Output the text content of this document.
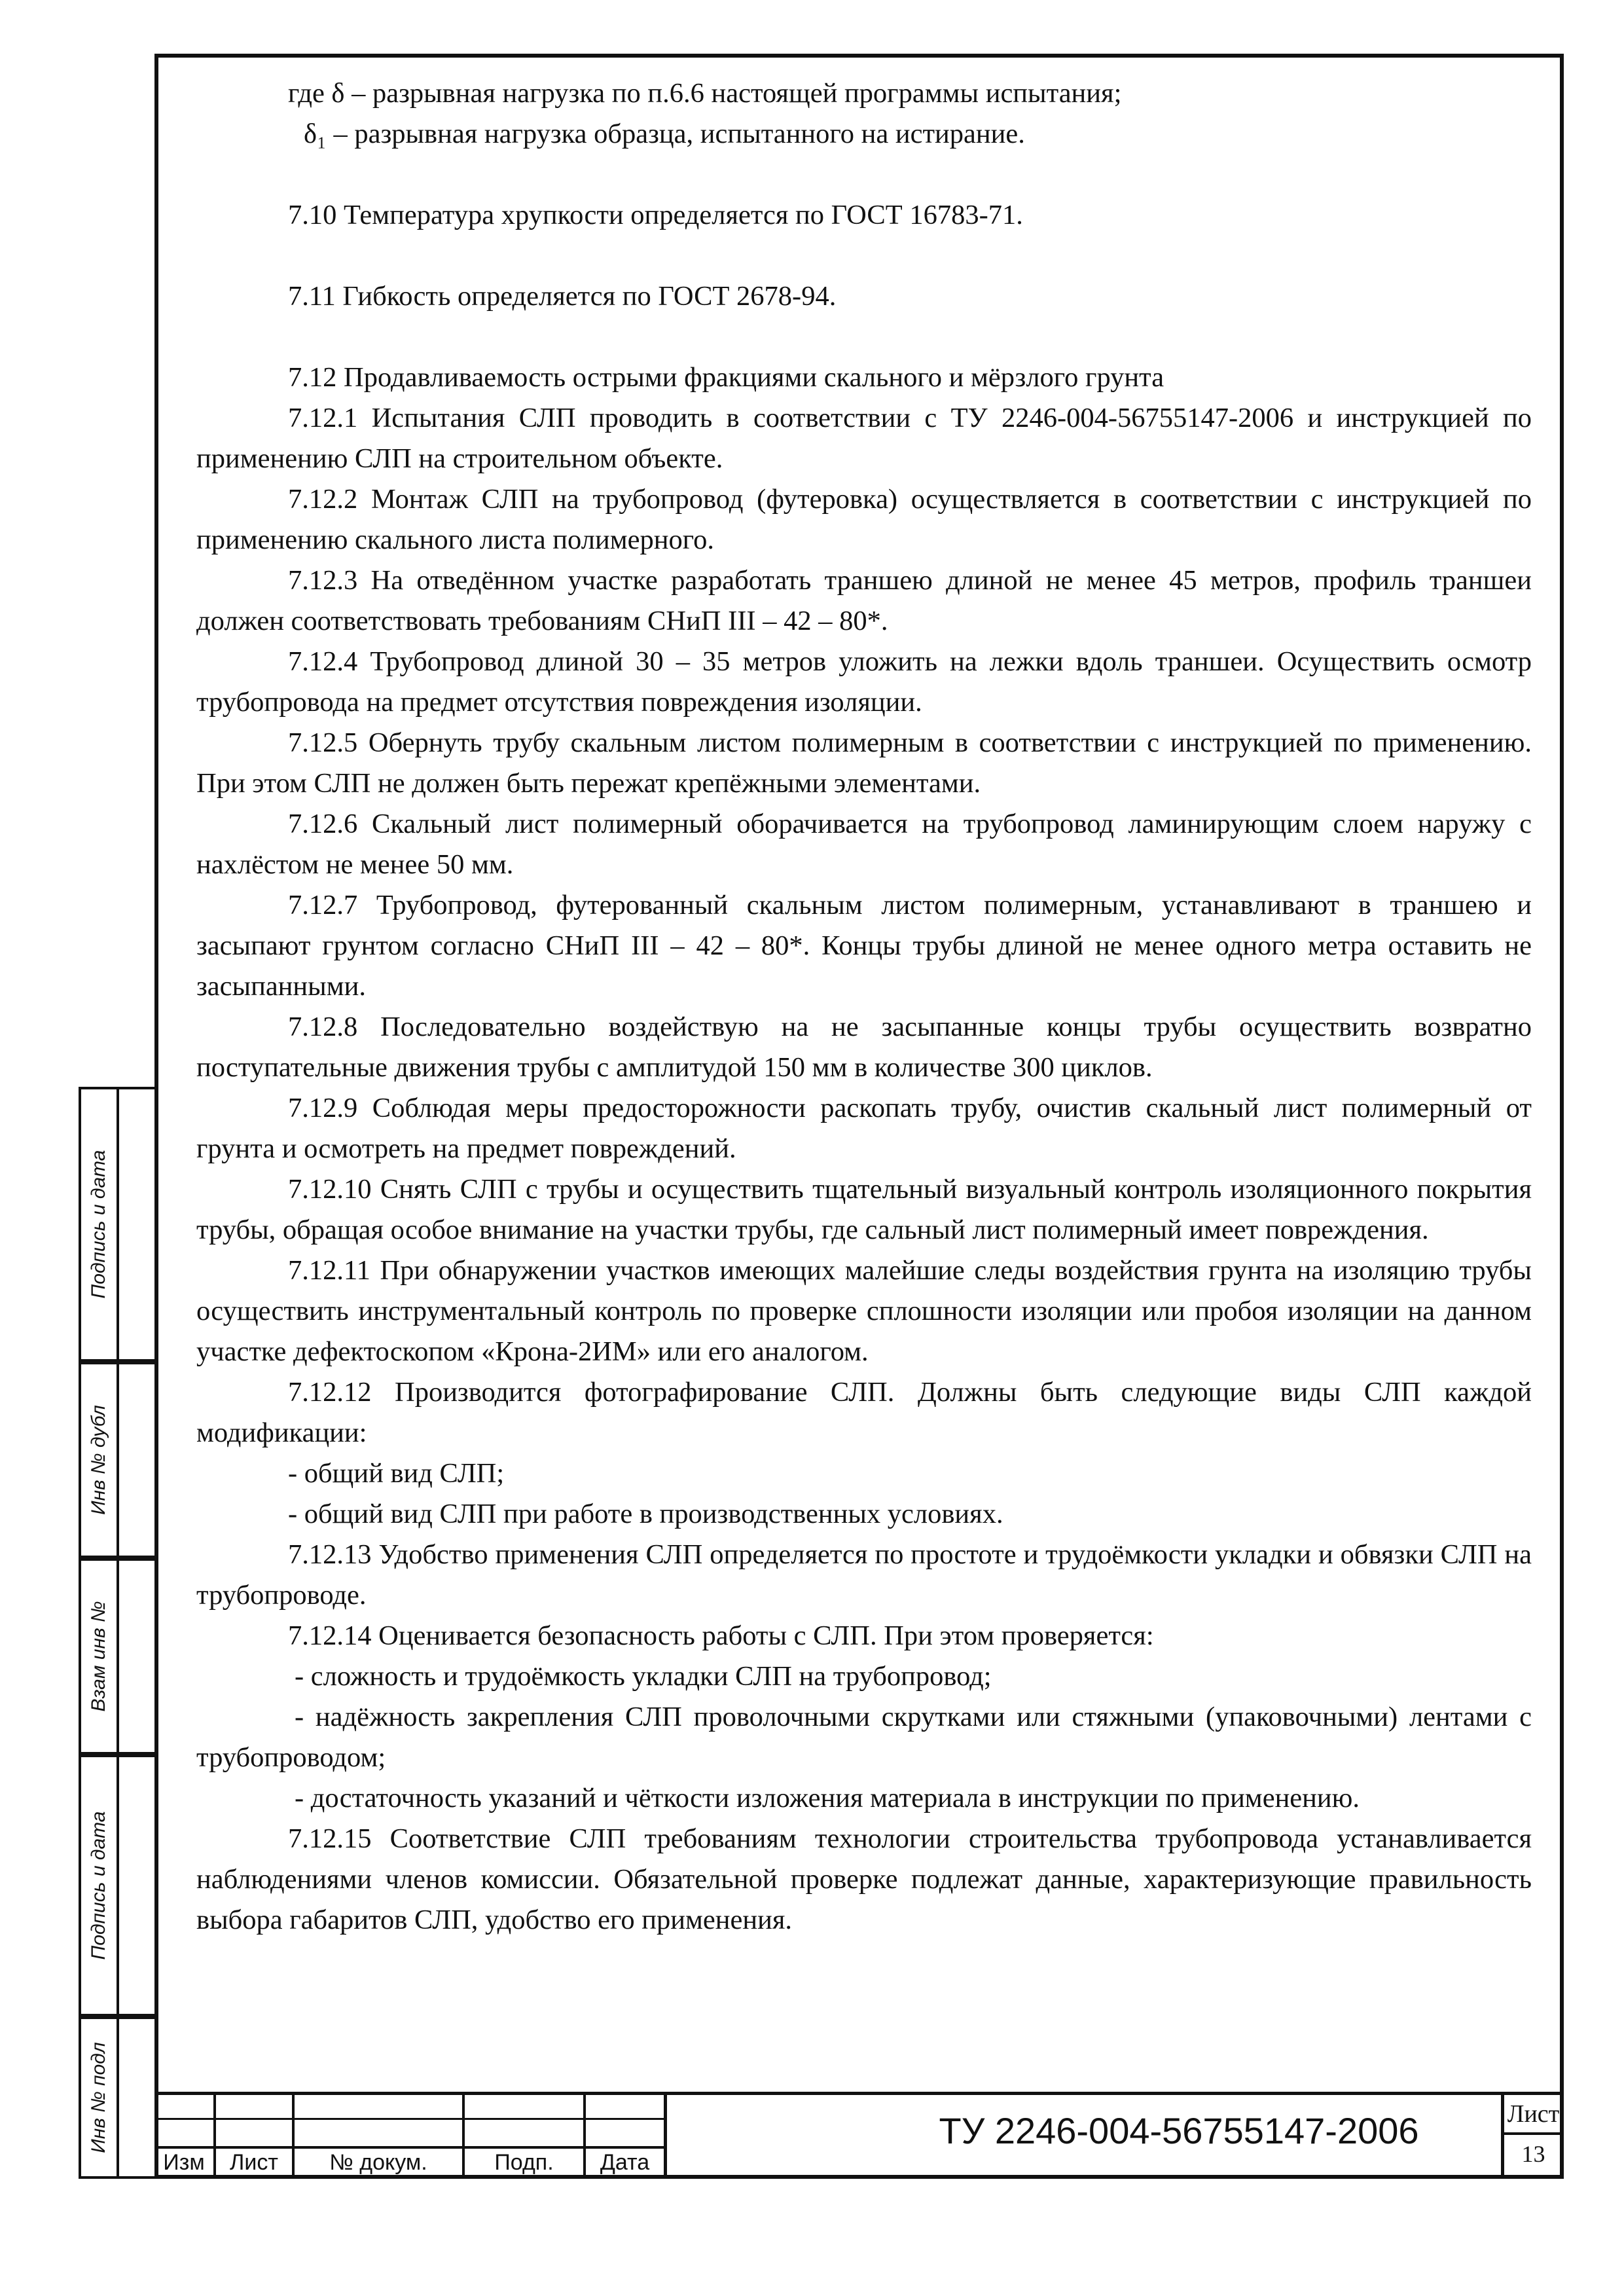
Подпись и дата
Инв № дубл
Взам инв №
Подпись и дата
Инв № подл

где δ – разрывная нагрузка по п.6.6 настоящей программы испытания;

δ₁ – разрывная нагрузка образца, испытанного на истирание.

7.10 Температура хрупкости определяется по ГОСТ 16783-71.

7.11 Гибкость определяется по ГОСТ 2678-94.

7.12 Продавливаемость острыми фракциями скального и мёрзлого грунта

7.12.1 Испытания СЛП проводить в соответствии с ТУ 2246-004-56755147-2006 и инструкцией по применению СЛП на строительном объекте.

7.12.2 Монтаж СЛП на трубопровод (футеровка) осуществляется в соответствии с инструкцией по применению скального листа полимерного.

7.12.3 На отведённом участке разработать траншею длиной не менее 45 метров, профиль траншеи должен соответствовать требованиям СНиП III – 42 – 80*.

7.12.4 Трубопровод длиной 30 – 35 метров уложить на лежки вдоль траншеи. Осуществить осмотр трубопровода на предмет отсутствия повреждения изоляции.

7.12.5 Обернуть трубу скальным листом полимерным в соответствии с инструкцией по применению. При этом СЛП не должен быть пережат крепёжными элементами.

7.12.6 Скальный лист полимерный оборачивается на трубопровод ламинирующим слоем наружу с нахлёстом не менее 50 мм.

7.12.7 Трубопровод, футерованный скальным листом полимерным, устанавливают в траншею и засыпают грунтом согласно СНиП III – 42 – 80*. Концы трубы длиной не менее одного метра оставить не засыпанными.

7.12.8 Последовательно воздействую на не засыпанные концы трубы осуществить возвратно поступательные движения трубы с амплитудой 150 мм в количестве 300 циклов.

7.12.9 Соблюдая меры предосторожности раскопать трубу, очистив скальный лист полимерный от грунта и осмотреть на предмет повреждений.

7.12.10 Снять СЛП с трубы и осуществить тщательный визуальный контроль изоляционного покрытия трубы, обращая особое внимание на участки трубы, где сальный лист полимерный имеет повреждения.

7.12.11 При обнаружении участков имеющих малейшие следы воздействия грунта на изоляцию трубы осуществить инструментальный контроль по проверке сплошности изоляции или пробоя изоляции на данном участке дефектоскопом «Крона-2ИМ» или его аналогом.

7.12.12 Производится фотографирование СЛП. Должны быть следующие виды СЛП каждой модификации:

- общий вид СЛП;

- общий вид СЛП при работе в производственных условиях.

7.12.13 Удобство применения СЛП определяется по простоте и трудоёмкости укладки и обвязки СЛП на трубопроводе.

7.12.14 Оценивается безопасность работы с СЛП. При этом проверяется:

- сложность и трудоёмкость укладки СЛП на трубопровод;

- надёжность закрепления СЛП проволочными скрутками или стяжными (упаковочными) лентами с трубопроводом;

- достаточность указаний и чёткости изложения материала в инструкции по применению.

7.12.15 Соответствие СЛП требованиям технологии строительства трубопровода устанавливается наблюдениями членов комиссии. Обязательной проверке подлежат данные, характеризующие правильность выбора габаритов СЛП, удобство его применения.

Изм	Лист	№ докум.	Подп.	Дата
ТУ 2246-004-56755147-2006	Лист
13
